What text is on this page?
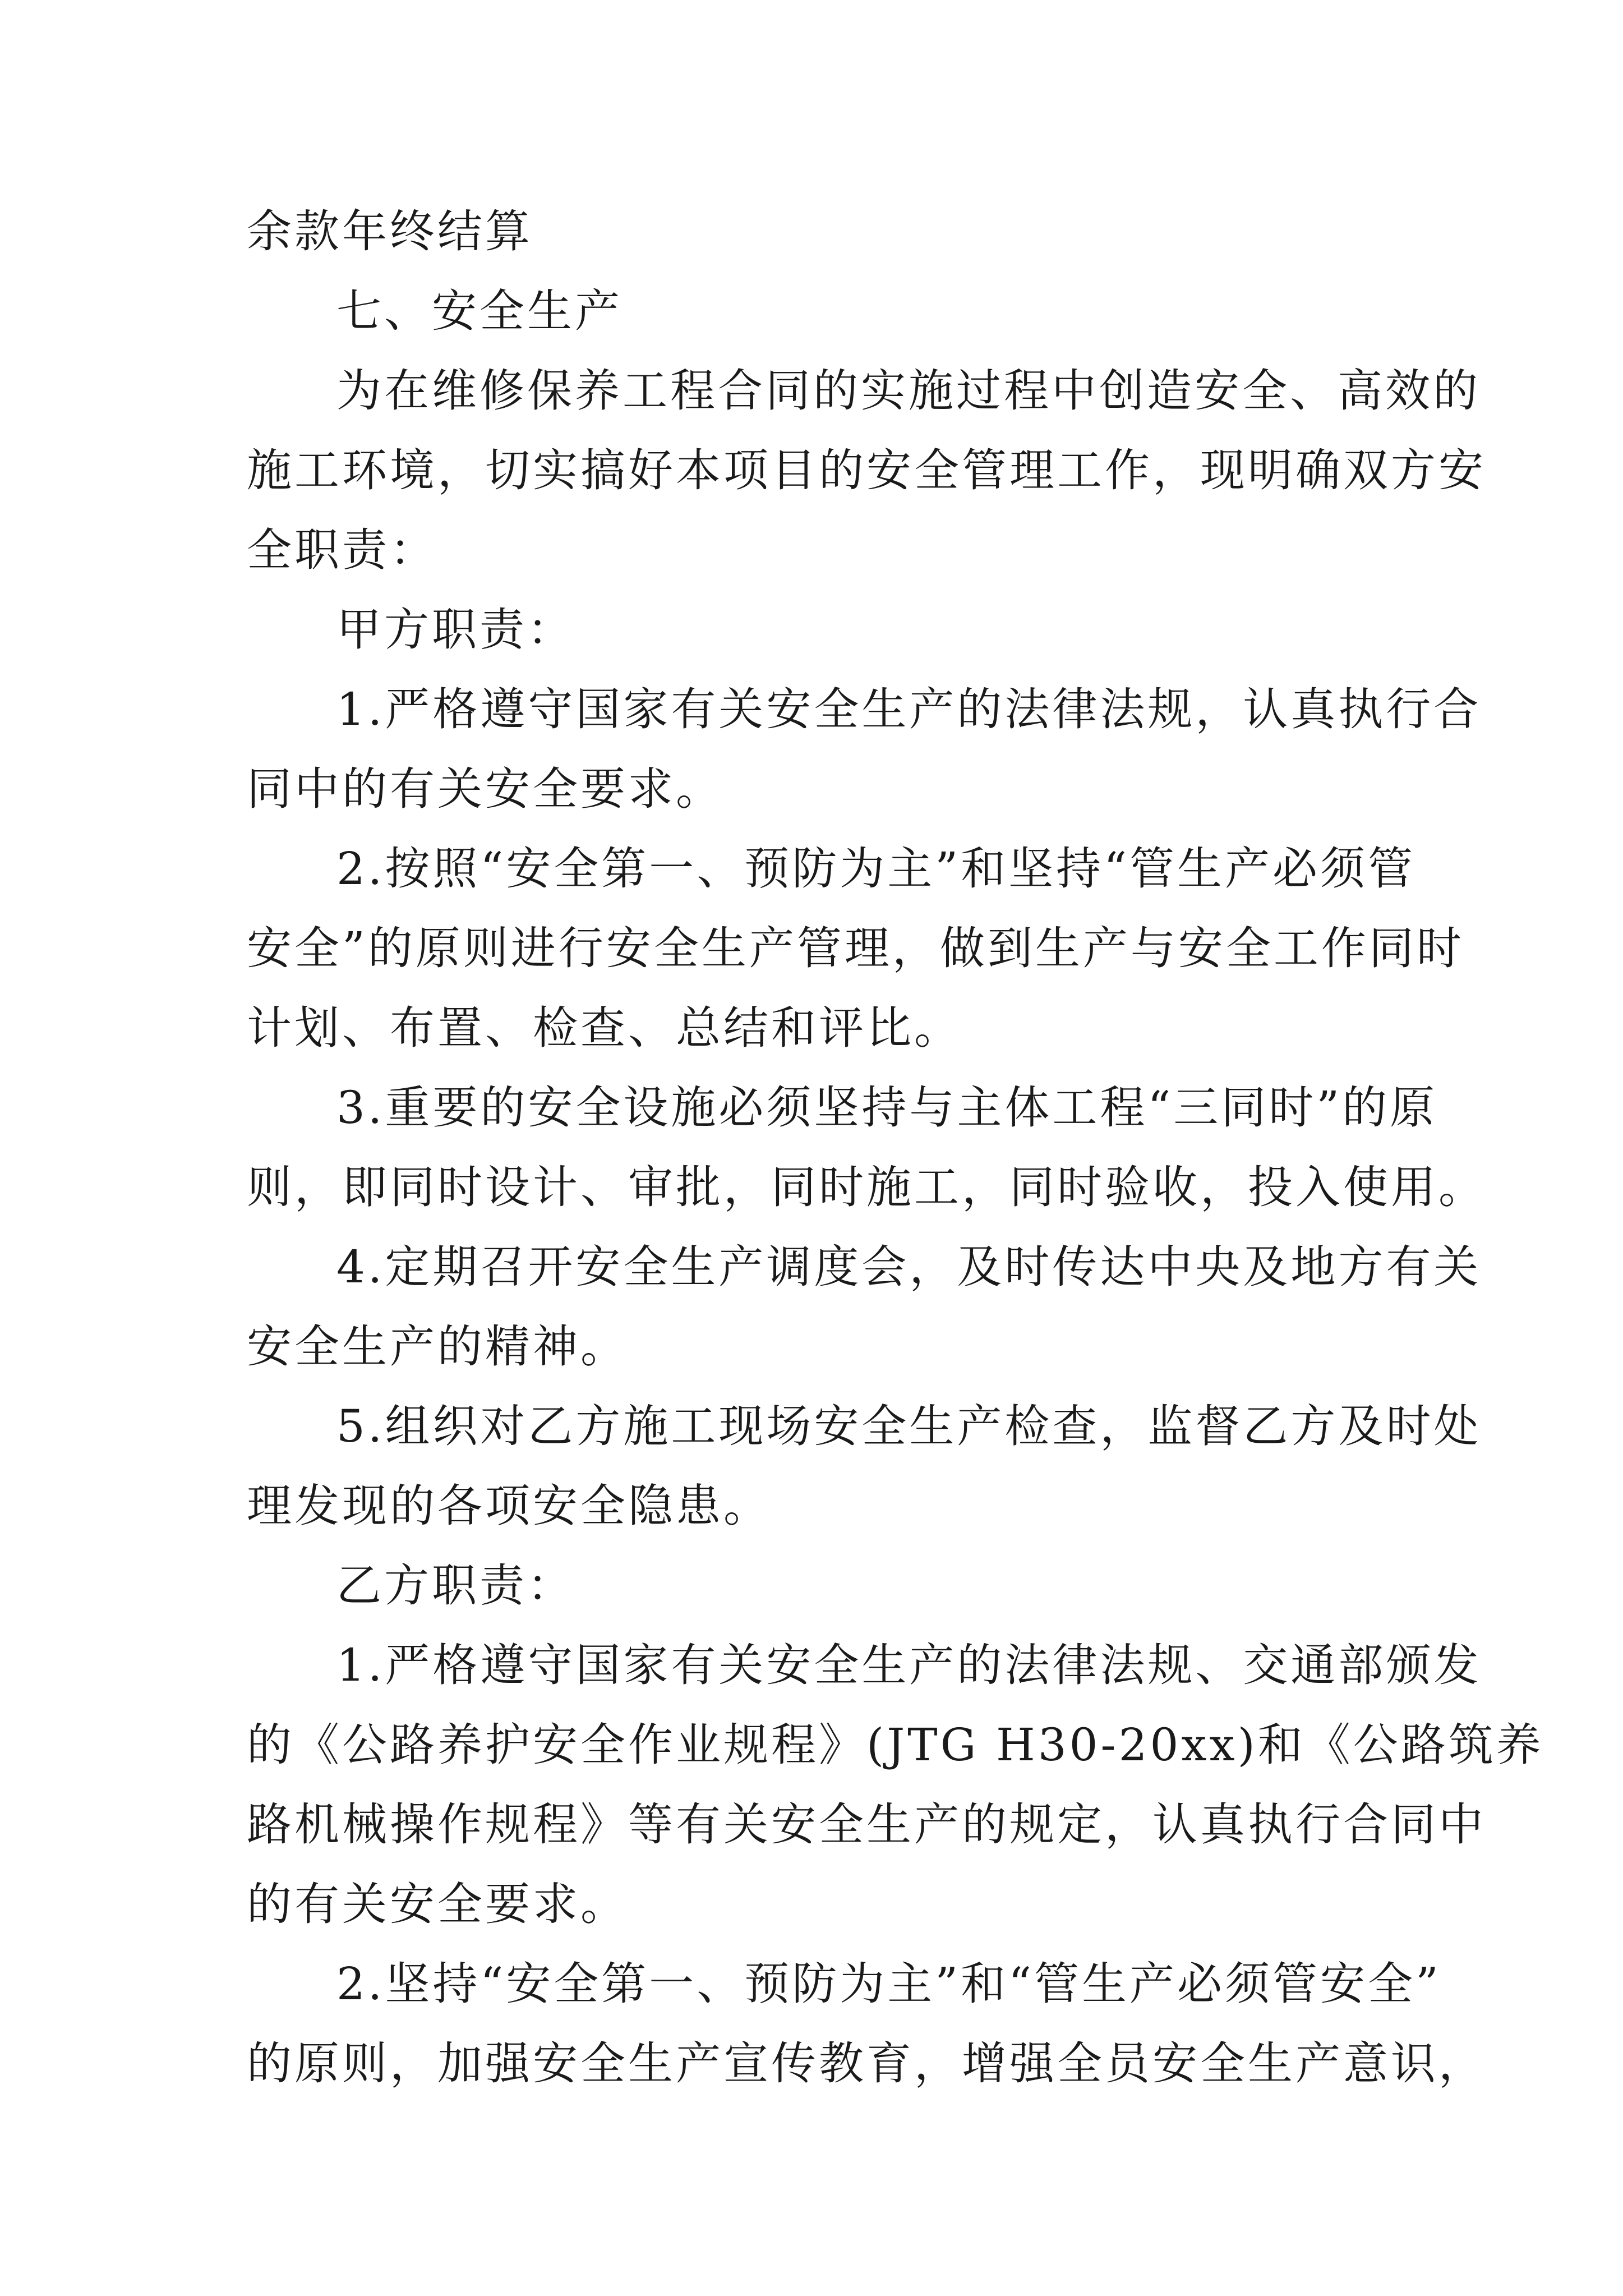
余款年终结算
七、安全生产
为在维修保养工程合同的实施过程中创造安全、高效的
施工环境，切实搞好本项目的安全管理工作，现明确双方安
全职责：
甲方职责：
1.严格遵守国家有关安全生产的法律法规，认真执行合
同中的有关安全要求。
2.按照“安全第一、预防为主”和坚持“管生产必须管
安全”的原则进行安全生产管理，做到生产与安全工作同时
计划、布置、检查、总结和评比。
3.重要的安全设施必须坚持与主体工程“三同时”的原
则，即同时设计、审批，同时施工，同时验收，投入使用。
4.定期召开安全生产调度会，及时传达中央及地方有关
安全生产的精神。
5.组织对乙方施工现场安全生产检查，监督乙方及时处
理发现的各项安全隐患。
乙方职责：
1.严格遵守国家有关安全生产的法律法规、交通部颁发
的《公路养护安全作业规程》(JTG H30-20xx)和《公路筑养
路机械操作规程》等有关安全生产的规定，认真执行合同中
的有关安全要求。
2.坚持“安全第一、预防为主”和“管生产必须管安全”
的原则，加强安全生产宣传教育，增强全员安全生产意识，
